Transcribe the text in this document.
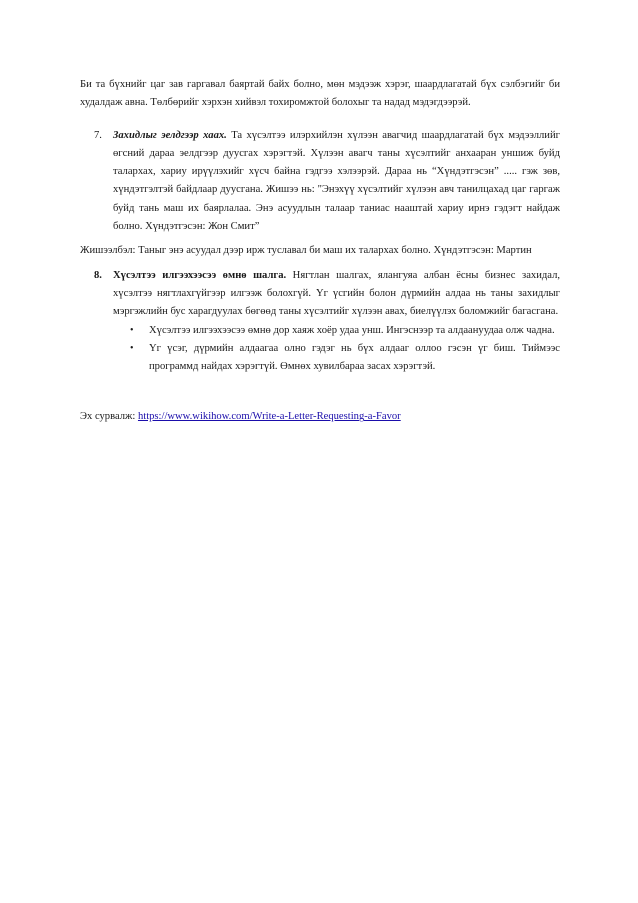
Би та бүхнийг цаг зав гаргавал баяртай байх болно, мөн мэдээж хэрэг, шаардлагатай бүх сэлбэгийг би худалдаж авна. Төлбөрийг хэрхэн хийвэл тохиромжтой болохыг та надад мэдэгдээрэй.

7. Захидлыг эелдгээр хаах. Та хүсэлтээ илэрхийлэн хүлээн авагчид шаардлагатай бүх мэдээллийг өгсний дараа эелдгээр дуусгах хэрэгтэй. Хүлээн авагч таны хүсэлтийг анхааран уншиж буйд талархах, хариу ирүүлэхийг хүсч байна гэдгээ хэлээрэй. Дараа нь “Хүндэтгэсэн” ..... гэж зөв, хүндэтгэлтэй байдлаар дуусгана. Жишээ нь: "Энэхүү хүсэлтийг хүлээн авч танилцахад цаг гаргаж буйд тань маш их баярлалаа. Энэ асуудлын талаар таниас нааштай хариу ирнэ гэдэгт найдаж болно. Хүндэтгэсэн: Жон Смит”

Жишээлбэл: Таныг энэ асуудал дээр ирж туславал би маш их талархах болно. Хүндэтгэсэн: Мартин

8. Хүсэлтээ илгээхээсээ өмнө шалга. Нягтлан шалгах, ялангуяа албан ёсны бизнес захидал, хүсэлтээ нягтлахгүйгээр илгээж болохгүй. Үг үсгийн болон дүрмийн алдаа нь таны захидлыг мэргэжлийн бус харагдуулах бөгөөд таны хүсэлтийг хүлээн авах, биелүүлэх боломжийг багасгана.
• Хүсэлтээ илгээхээсээ өмнө дор хаяж хоёр удаа унш. Ингэснээр та алдаануудаа олж чадна.
• Үг үсэг, дүрмийн алдаагаа олно гэдэг нь бүх алдааг оллоо гэсэн үг биш. Тиймээс программд найдах хэрэгтүй. Өмнөх хувилбараа засах хэрэгтэй.

Эх сурвалж: https://www.wikihow.com/Write-a-Letter-Requesting-a-Favor
